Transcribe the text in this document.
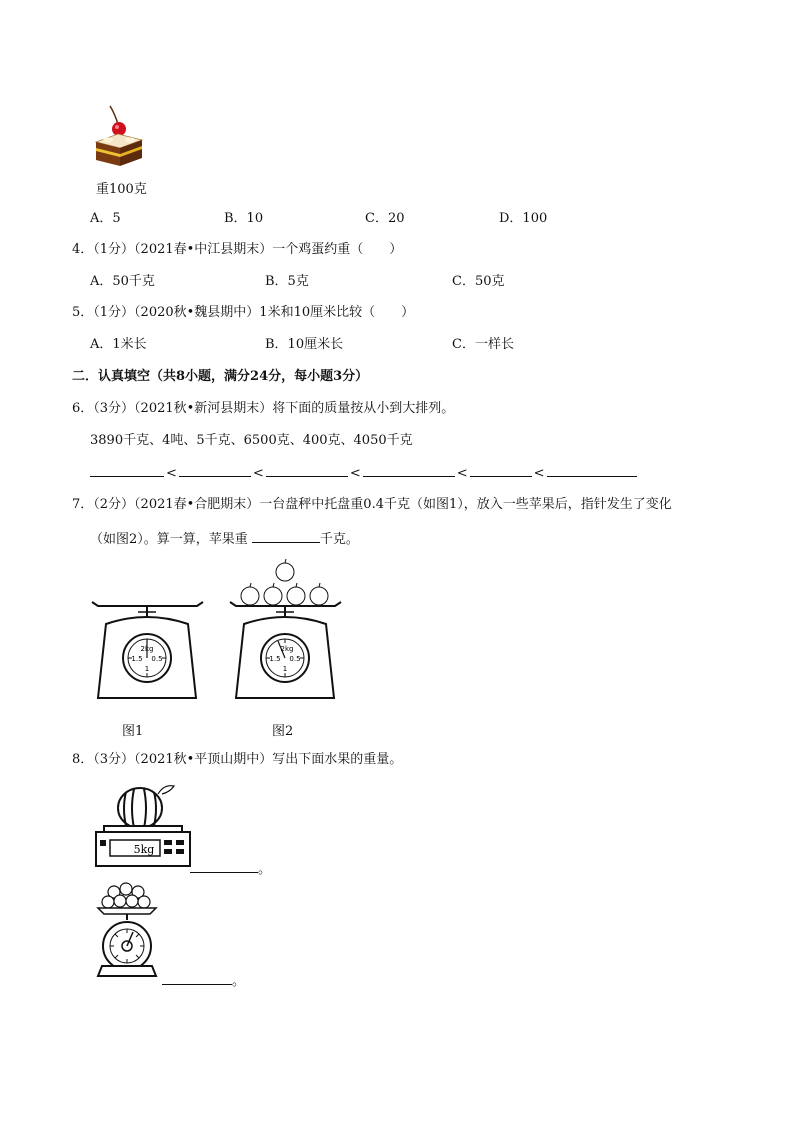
重100克
A．5	B．10	C．20	D．100
4．（1分）（2021春•中江县期末）一个鸡蛋约重（　　）
A．50千克	B．5克	C．50克
5．（1分）（2020秋•魏县期中）1米和10厘米比较（　　）
A．1米长	B．10厘米长	C．一样长
二．认真填空（共8小题，满分24分，每小题3分）
6．（3分）（2021秋•新河县期末）将下面的质量按从小到大排列。
3890千克、4吨、5千克、6500克、400克、4050千克
<	<	<	<	<
7．（2分）（2021春•合肥期末）一台盘秤中托盘重0.4千克（如图1），放入一些苹果后，指针发生了变化
（如图2）。算一算，苹果重	千克。
2kg
1.5 0.5
1
图1
2kg
1.5 0.5
1
图2
8．（3分）（2021秋•平顶山期中）写出下面水果的重量。
5kg
。
。
